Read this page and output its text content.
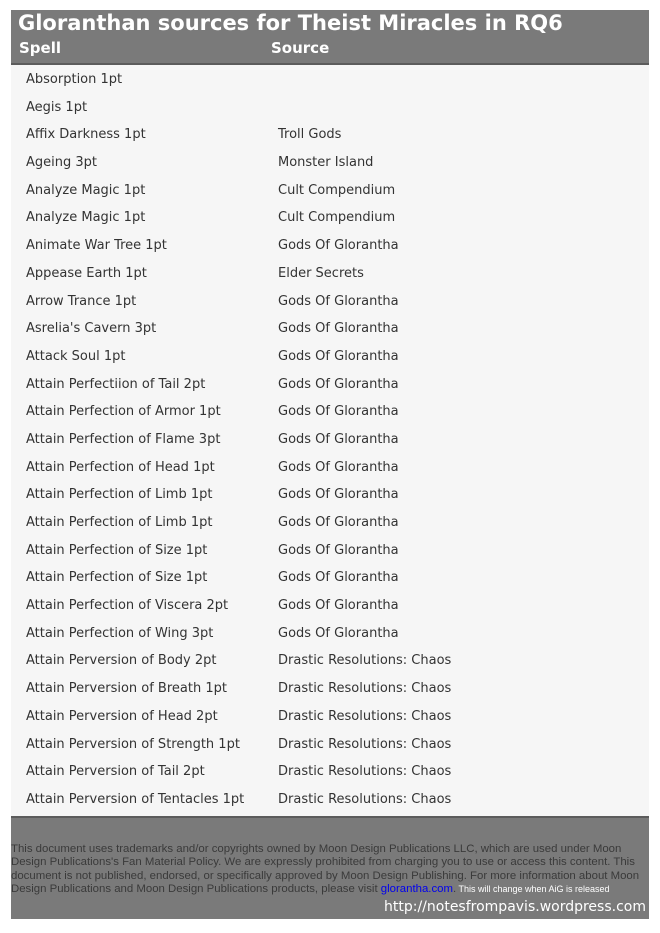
Gloranthan sources for Theist Miracles in RQ6
Spell	Source
Absorption 1pt
Aegis 1pt
Affix Darkness 1pt	Troll Gods
Ageing 3pt	Monster Island
Analyze Magic 1pt	Cult Compendium
Analyze Magic 1pt	Cult Compendium
Animate War Tree 1pt	Gods Of Glorantha
Appease Earth 1pt	Elder Secrets
Arrow Trance 1pt	Gods Of Glorantha
Asrelia's Cavern 3pt	Gods Of Glorantha
Attack Soul 1pt	Gods Of Glorantha
Attain Perfectiion of Tail 2pt	Gods Of Glorantha
Attain Perfection of Armor 1pt	Gods Of Glorantha
Attain Perfection of Flame 3pt	Gods Of Glorantha
Attain Perfection of Head 1pt	Gods Of Glorantha
Attain Perfection of Limb 1pt	Gods Of Glorantha
Attain Perfection of Limb 1pt	Gods Of Glorantha
Attain Perfection of Size 1pt	Gods Of Glorantha
Attain Perfection of Size 1pt	Gods Of Glorantha
Attain Perfection of Viscera 2pt	Gods Of Glorantha
Attain Perfection of Wing 3pt	Gods Of Glorantha
Attain Perversion of Body 2pt	Drastic Resolutions: Chaos
Attain Perversion of Breath 1pt	Drastic Resolutions: Chaos
Attain Perversion of Head 2pt	Drastic Resolutions: Chaos
Attain Perversion of Strength 1pt	Drastic Resolutions: Chaos
Attain Perversion of Tail 2pt	Drastic Resolutions: Chaos
Attain Perversion of Tentacles 1pt	Drastic Resolutions: Chaos
This document uses trademarks and/or copyrights owned by Moon Design Publications LLC, which are used under Moon Design Publications's Fan Material Policy. We are expressly prohibited from charging you to use or access this content. This document is not published, endorsed, or specifically approved by Moon Design Publishing. For more information about Moon Design Publications and Moon Design Publications products, please visit glorantha.com. This will change when AiG is released
http://notesfrompavis.wordpress.com
